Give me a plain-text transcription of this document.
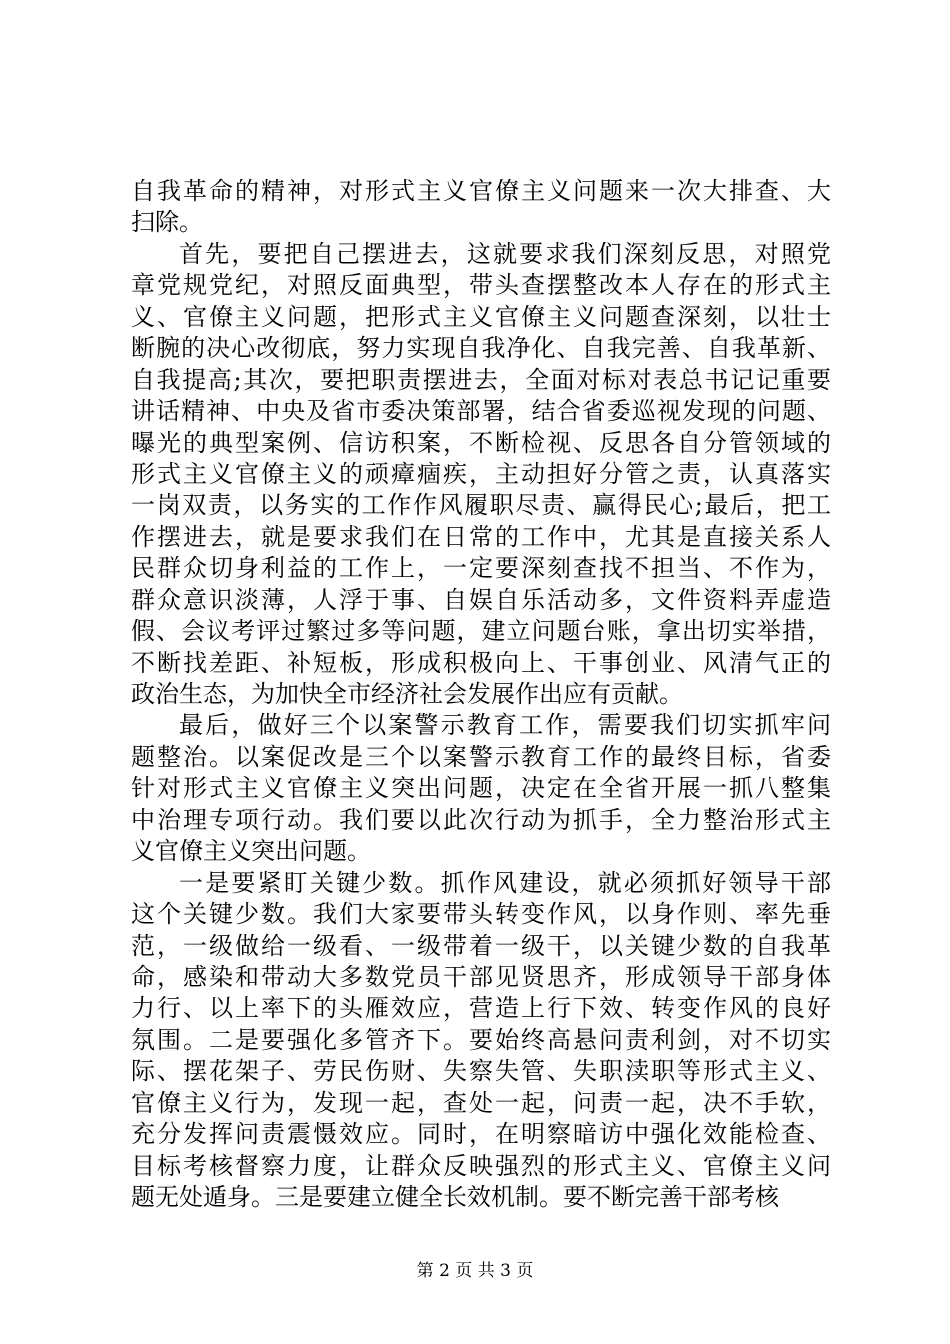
自我革命的精神，对形式主义官僚主义问题来一次大排查、大
扫除。
首先，要把自己摆进去，这就要求我们深刻反思，对照党
章党规党纪，对照反面典型，带头查摆整改本人存在的形式主
义、官僚主义问题，把形式主义官僚主义问题查深刻，以壮士
断腕的决心改彻底，努力实现自我净化、自我完善、自我革新、
自我提高;其次，要把职责摆进去，全面对标对表总书记记重要
讲话精神、中央及省市委决策部署，结合省委巡视发现的问题、
曝光的典型案例、信访积案，不断检视、反思各自分管领域的
形式主义官僚主义的顽瘴痼疾，主动担好分管之责，认真落实
一岗双责，以务实的工作作风履职尽责、赢得民心;最后，把工
作摆进去，就是要求我们在日常的工作中，尤其是直接关系人
民群众切身利益的工作上，一定要深刻查找不担当、不作为，
群众意识淡薄，人浮于事、自娱自乐活动多，文件资料弄虚造
假、会议考评过繁过多等问题，建立问题台账，拿出切实举措，
不断找差距、补短板，形成积极向上、干事创业、风清气正的
政治生态，为加快全市经济社会发展作出应有贡献。
最后，做好三个以案警示教育工作，需要我们切实抓牢问
题整治。以案促改是三个以案警示教育工作的最终目标，省委
针对形式主义官僚主义突出问题，决定在全省开展一抓八整集
中治理专项行动。我们要以此次行动为抓手，全力整治形式主
义官僚主义突出问题。
一是要紧盯关键少数。抓作风建设，就必须抓好领导干部
这个关键少数。我们大家要带头转变作风，以身作则、率先垂
范，一级做给一级看、一级带着一级干，以关键少数的自我革
命，感染和带动大多数党员干部见贤思齐，形成领导干部身体
力行、以上率下的头雁效应，营造上行下效、转变作风的良好
氛围。二是要强化多管齐下。要始终高悬问责利剑，对不切实
际、摆花架子、劳民伤财、失察失管、失职渎职等形式主义、
官僚主义行为，发现一起，查处一起，问责一起，决不手软，
充分发挥问责震慑效应。同时，在明察暗访中强化效能检查、
目标考核督察力度，让群众反映强烈的形式主义、官僚主义问
题无处遁身。三是要建立健全长效机制。要不断完善干部考核
第 2 页 共 3 页
